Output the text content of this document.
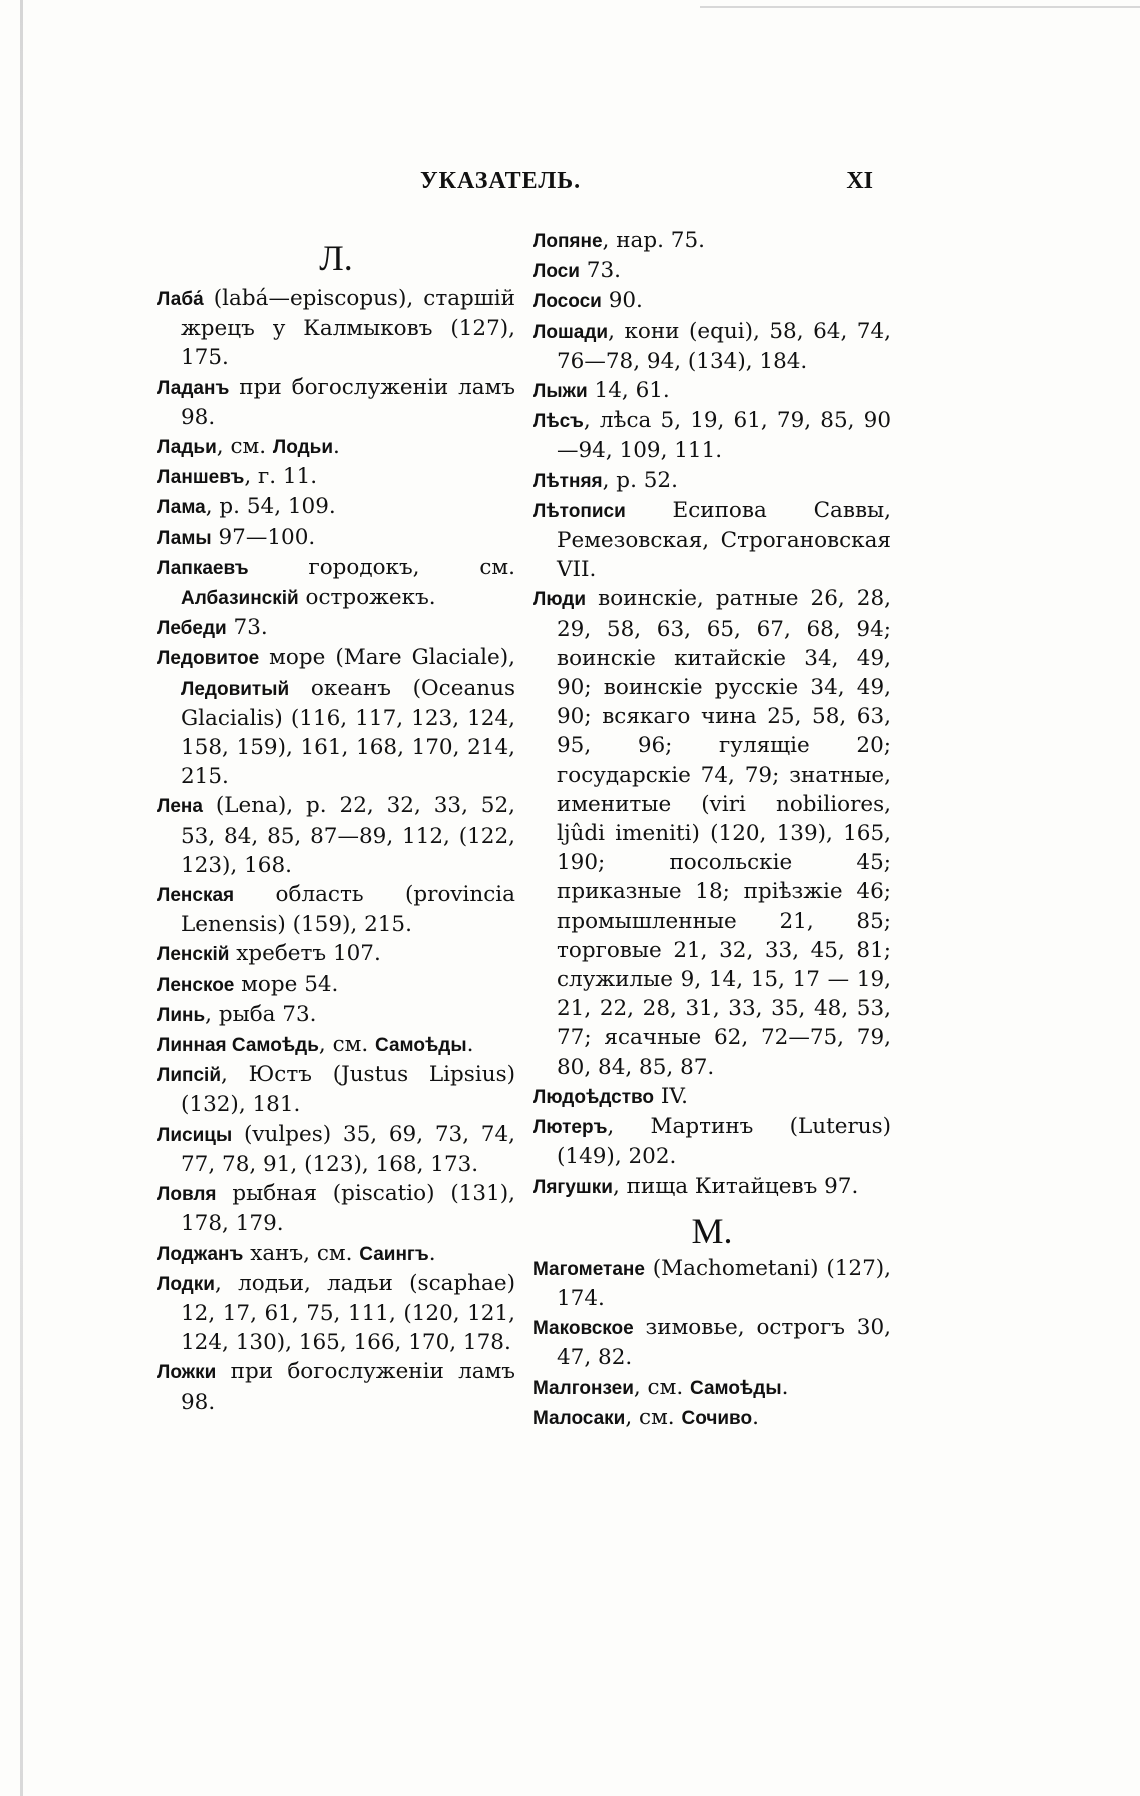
УКАЗАТЕЛЬ.	XI

Л.

Лаба́ (labá—episcopus), старшій жрецъ у Калмыковъ (127), 175.

Ладанъ при богослуженіи ламъ 98.

Ладьи, см. Лодьи.

Ланшевъ, г. 11.

Лама, р. 54, 109.

Ламы 97—100.

Лапкаевъ городокъ, см. Албазинскій острожекъ.

Лебеди 73.

Ледовитое море (Mare Glaciale), Ледовитый океанъ (Oceanus Glacialis) (116, 117, 123, 124, 158, 159), 161, 168, 170, 214, 215.

Лена (Lena), р. 22, 32, 33, 52, 53, 84, 85, 87—89, 112, (122, 123), 168.

Ленская область (provincia Lenensis) (159), 215.

Ленскій хребетъ 107.

Ленское море 54.

Линь, рыба 73.

Линная Самоѣдь, см. Самоѣды.

Липсій, Юстъ (Justus Lipsius) (132), 181.

Лисицы (vulpes) 35, 69, 73, 74, 77, 78, 91, (123), 168, 173.

Ловля рыбная (piscatio) (131), 178, 179.

Лоджанъ ханъ, см. Саингъ.

Лодки, лодьи, ладьи (scaphae) 12, 17, 61, 75, 111, (120, 121, 124, 130), 165, 166, 170, 178.

Ложки при богослуженіи ламъ 98.

Лопяне, нар. 75.

Лоси 73.

Лососи 90.

Лошади, кони (equi), 58, 64, 74, 76—78, 94, (134), 184.

Лыжи 14, 61.

Лѣсъ, лѣса 5, 19, 61, 79, 85, 90—94, 109, 111.

Лѣтняя, р. 52.

Лѣтописи Есиповa Саввы, Ремезовская, Строгановская VII.

Люди воинскіе, ратные 26, 28, 29, 58, 63, 65, 67, 68, 94; воинскіе китайскіе 34, 49, 90; воинскіе русскіе 34, 49, 90; всякаго чина 25, 58, 63, 95, 96; гулящіе 20; государскіе 74, 79; знатные, именитые (viri nobiliores, ljûdi imeniti) (120, 139), 165, 190; посольскіе 45; приказные 18; пріѣзжіе 46; промышленные 21, 85; торговые 21, 32, 33, 45, 81; служилые 9, 14, 15, 17 — 19, 21, 22, 28, 31, 33, 35, 48, 53, 77; ясачные 62, 72—75, 79, 80, 84, 85, 87.

Людоѣдство IV.

Лютеръ, Мартинъ (Luterus) (149), 202.

Лягушки, пища Китайцевъ 97.

М.

Магометане (Machometani) (127), 174.

Маковское зимовье, острогъ 30, 47, 82.

Малгонзеи, см. Самоѣды.

Малосаки, см. Сочиво.
